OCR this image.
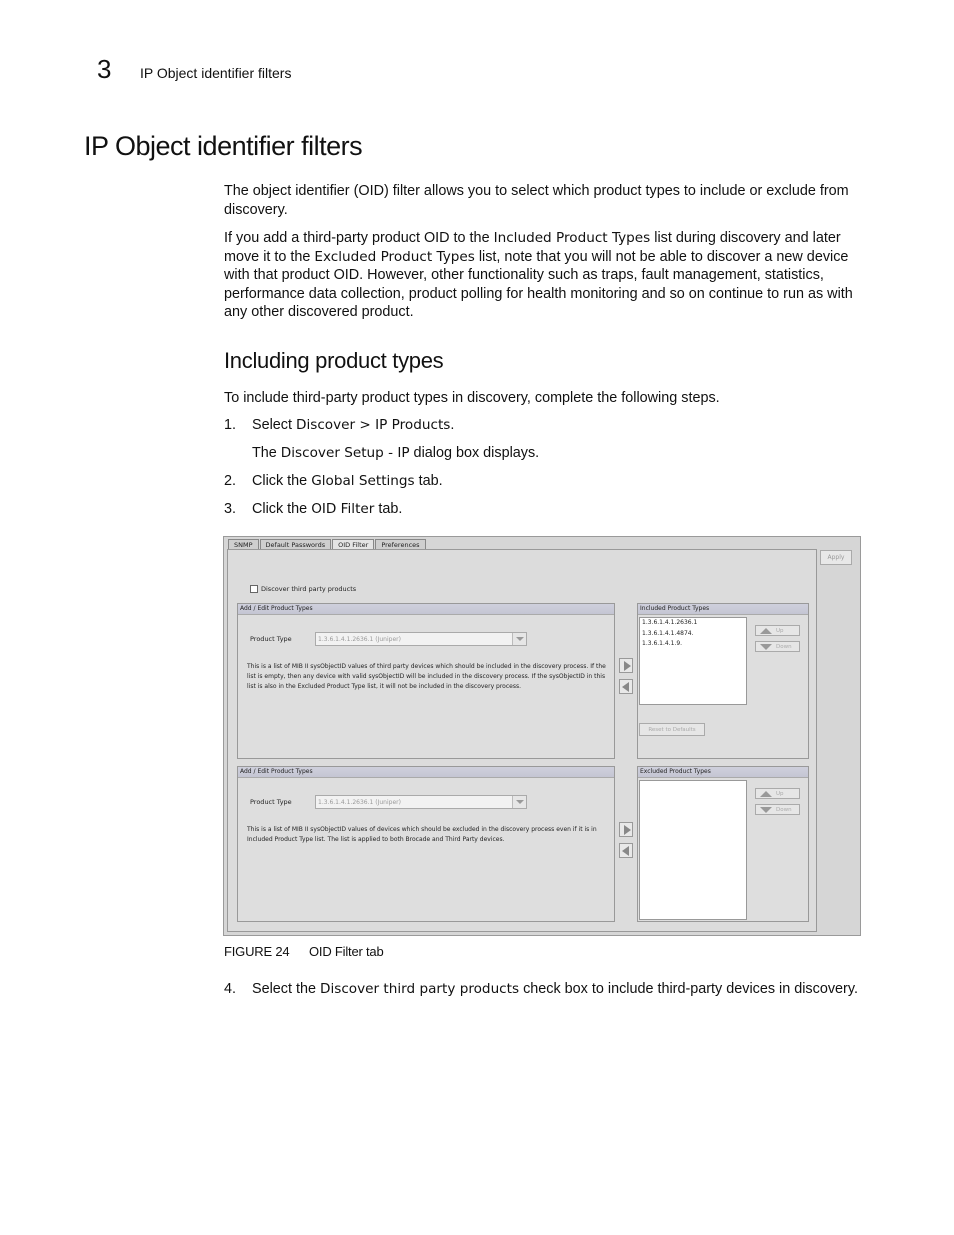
3 IP Object identifier filters
IP Object identifier filters

The object identifier (OID) filter allows you to select which product types to include or exclude from discovery.

If you add a third-party product OID to the Included Product Types list during discovery and later move it to the Excluded Product Types list, note that you will not be able to discover a new device with that product OID. However, other functionality such as traps, fault management, statistics, performance data collection, product polling for health monitoring and so on continue to run as with any other discovered product.

Including product types

To include third-party product types in discovery, complete the following steps.

1. Select Discover > IP Products.
The Discover Setup - IP dialog box displays.
2. Click the Global Settings tab.
3. Click the OID Filter tab.
SNMP	Default Passwords	OID Filter	Preferences
Apply
Discover third party products
Add / Edit Product Types
Product Type	1.3.6.1.4.1.2636.1 (Juniper)
This is a list of MIB II sysObjectID values of third party devices which should be included in the discovery process. If the list is empty, then any device with valid sysObjectID will be included in the discovery process. If the sysObjectID in this list is also in the Excluded Product Type list, it will not be included in the discovery process.
Included Product Types
1.3.6.1.4.1.2636.1
1.3.6.1.4.1.4874.
1.3.6.1.4.1.9.
Up
Down
Reset to Defaults
Add / Edit Product Types
Product Type	1.3.6.1.4.1.2636.1 (Juniper)
This is a list of MIB II sysObjectID values of devices which should be excluded in the discovery process even if it is in Included Product Type list. The list is applied to both Brocade and Third Party devices.
Excluded Product Types
Up
Down
FIGURE 24 OID Filter tab
4. Select the Discover third party products check box to include third-party devices in discovery.
